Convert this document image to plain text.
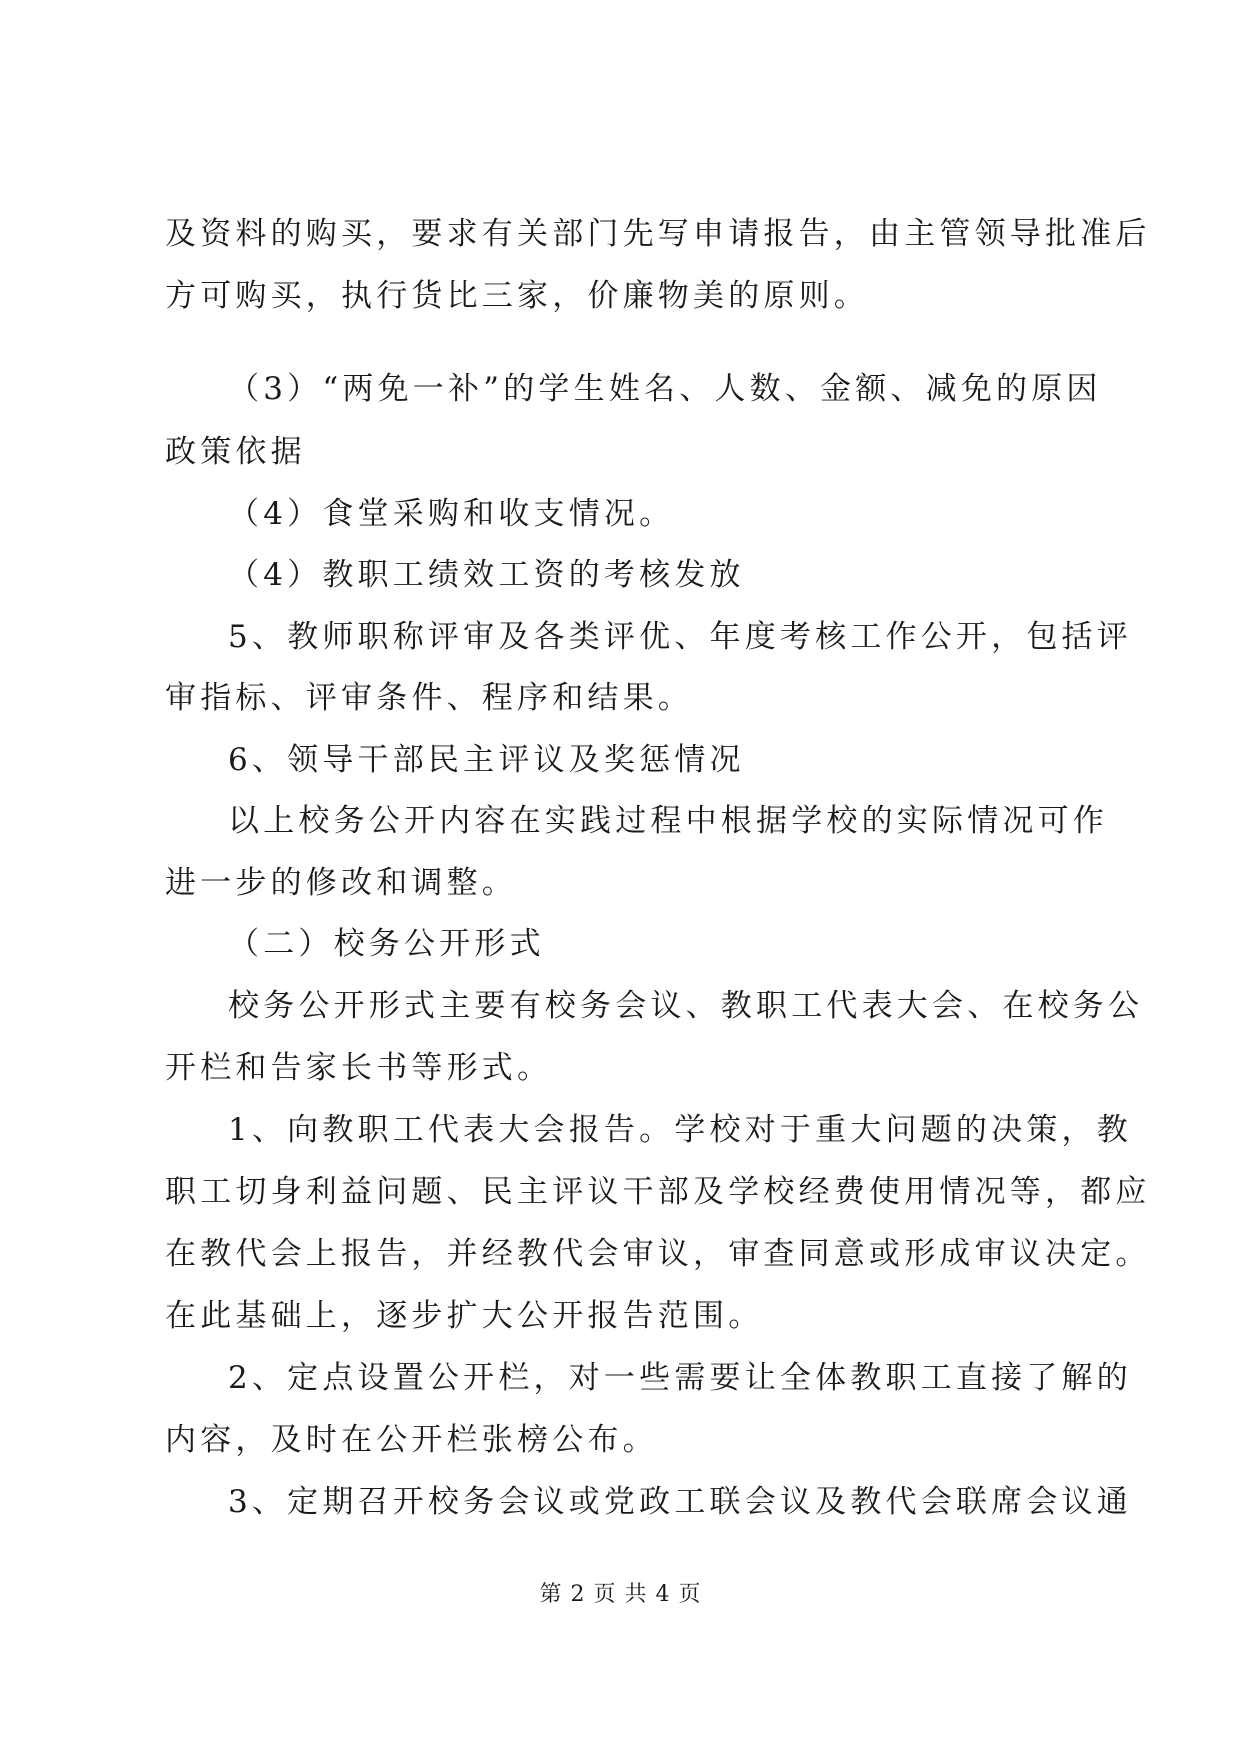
及资料的购买，要求有关部门先写申请报告，由主管领导批准后
方可购买，执行货比三家，价廉物美的原则。
（3）“两免一补”的学生姓名、人数、金额、减免的原因
政策依据
（4）食堂采购和收支情况。
（4）教职工绩效工资的考核发放
5、教师职称评审及各类评优、年度考核工作公开，包括评
审指标、评审条件、程序和结果。
6、领导干部民主评议及奖惩情况
以上校务公开内容在实践过程中根据学校的实际情况可作
进一步的修改和调整。
（二）校务公开形式
校务公开形式主要有校务会议、教职工代表大会、在校务公
开栏和告家长书等形式。
1、向教职工代表大会报告。学校对于重大问题的决策，教
职工切身利益问题、民主评议干部及学校经费使用情况等，都应
在教代会上报告，并经教代会审议，审查同意或形成审议决定。
在此基础上，逐步扩大公开报告范围。
2、定点设置公开栏，对一些需要让全体教职工直接了解的
内容，及时在公开栏张榜公布。
3、定期召开校务会议或党政工联会议及教代会联席会议通
第 2 页 共 4 页
